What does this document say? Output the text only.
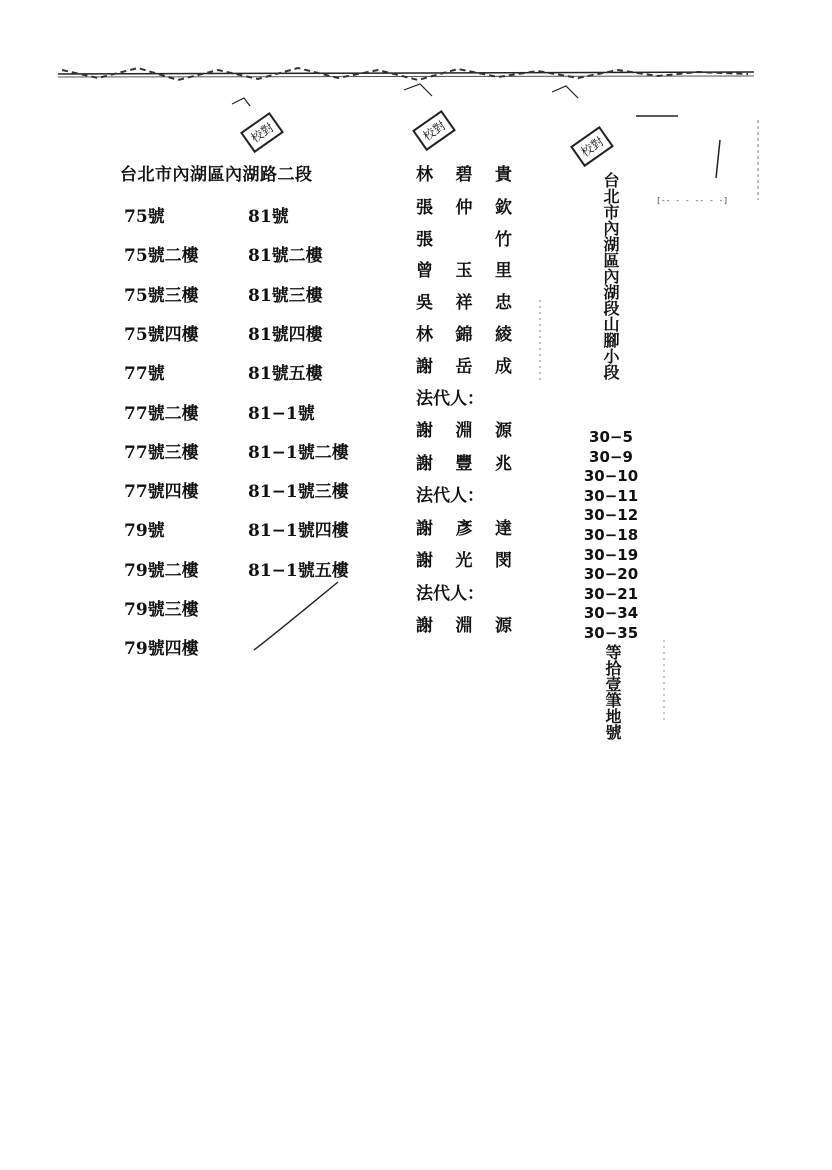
台北市內湖區內湖路二段
75號
75號二樓
75號三樓
75號四樓
77號
77號二樓
77號三樓
77號四樓
79號
79號二樓
79號三樓
79號四樓
81號
81號二樓
81號三樓
81號四樓
81號五樓
81−1號
81−1號二樓
81−1號三樓
81−1號四樓
81−1號五樓
林 碧 貴
張 仲 欽
張	竹
曾 玉 里
吳 祥 忠
林 錦 綾
謝 岳 成
法代人：
謝 淵 源
謝 豐 兆
法代人：
謝 彥 達
謝 光 閔
法代人：
謝 淵 源
台北市內湖區內湖段山腳小段
30−5
30−9
30−10
30−11
30−12
30−18
30−19
30−20
30−21
30−34
30−35
等拾壹筆地號
校對	校對
校對
[-- - - -- - -]
